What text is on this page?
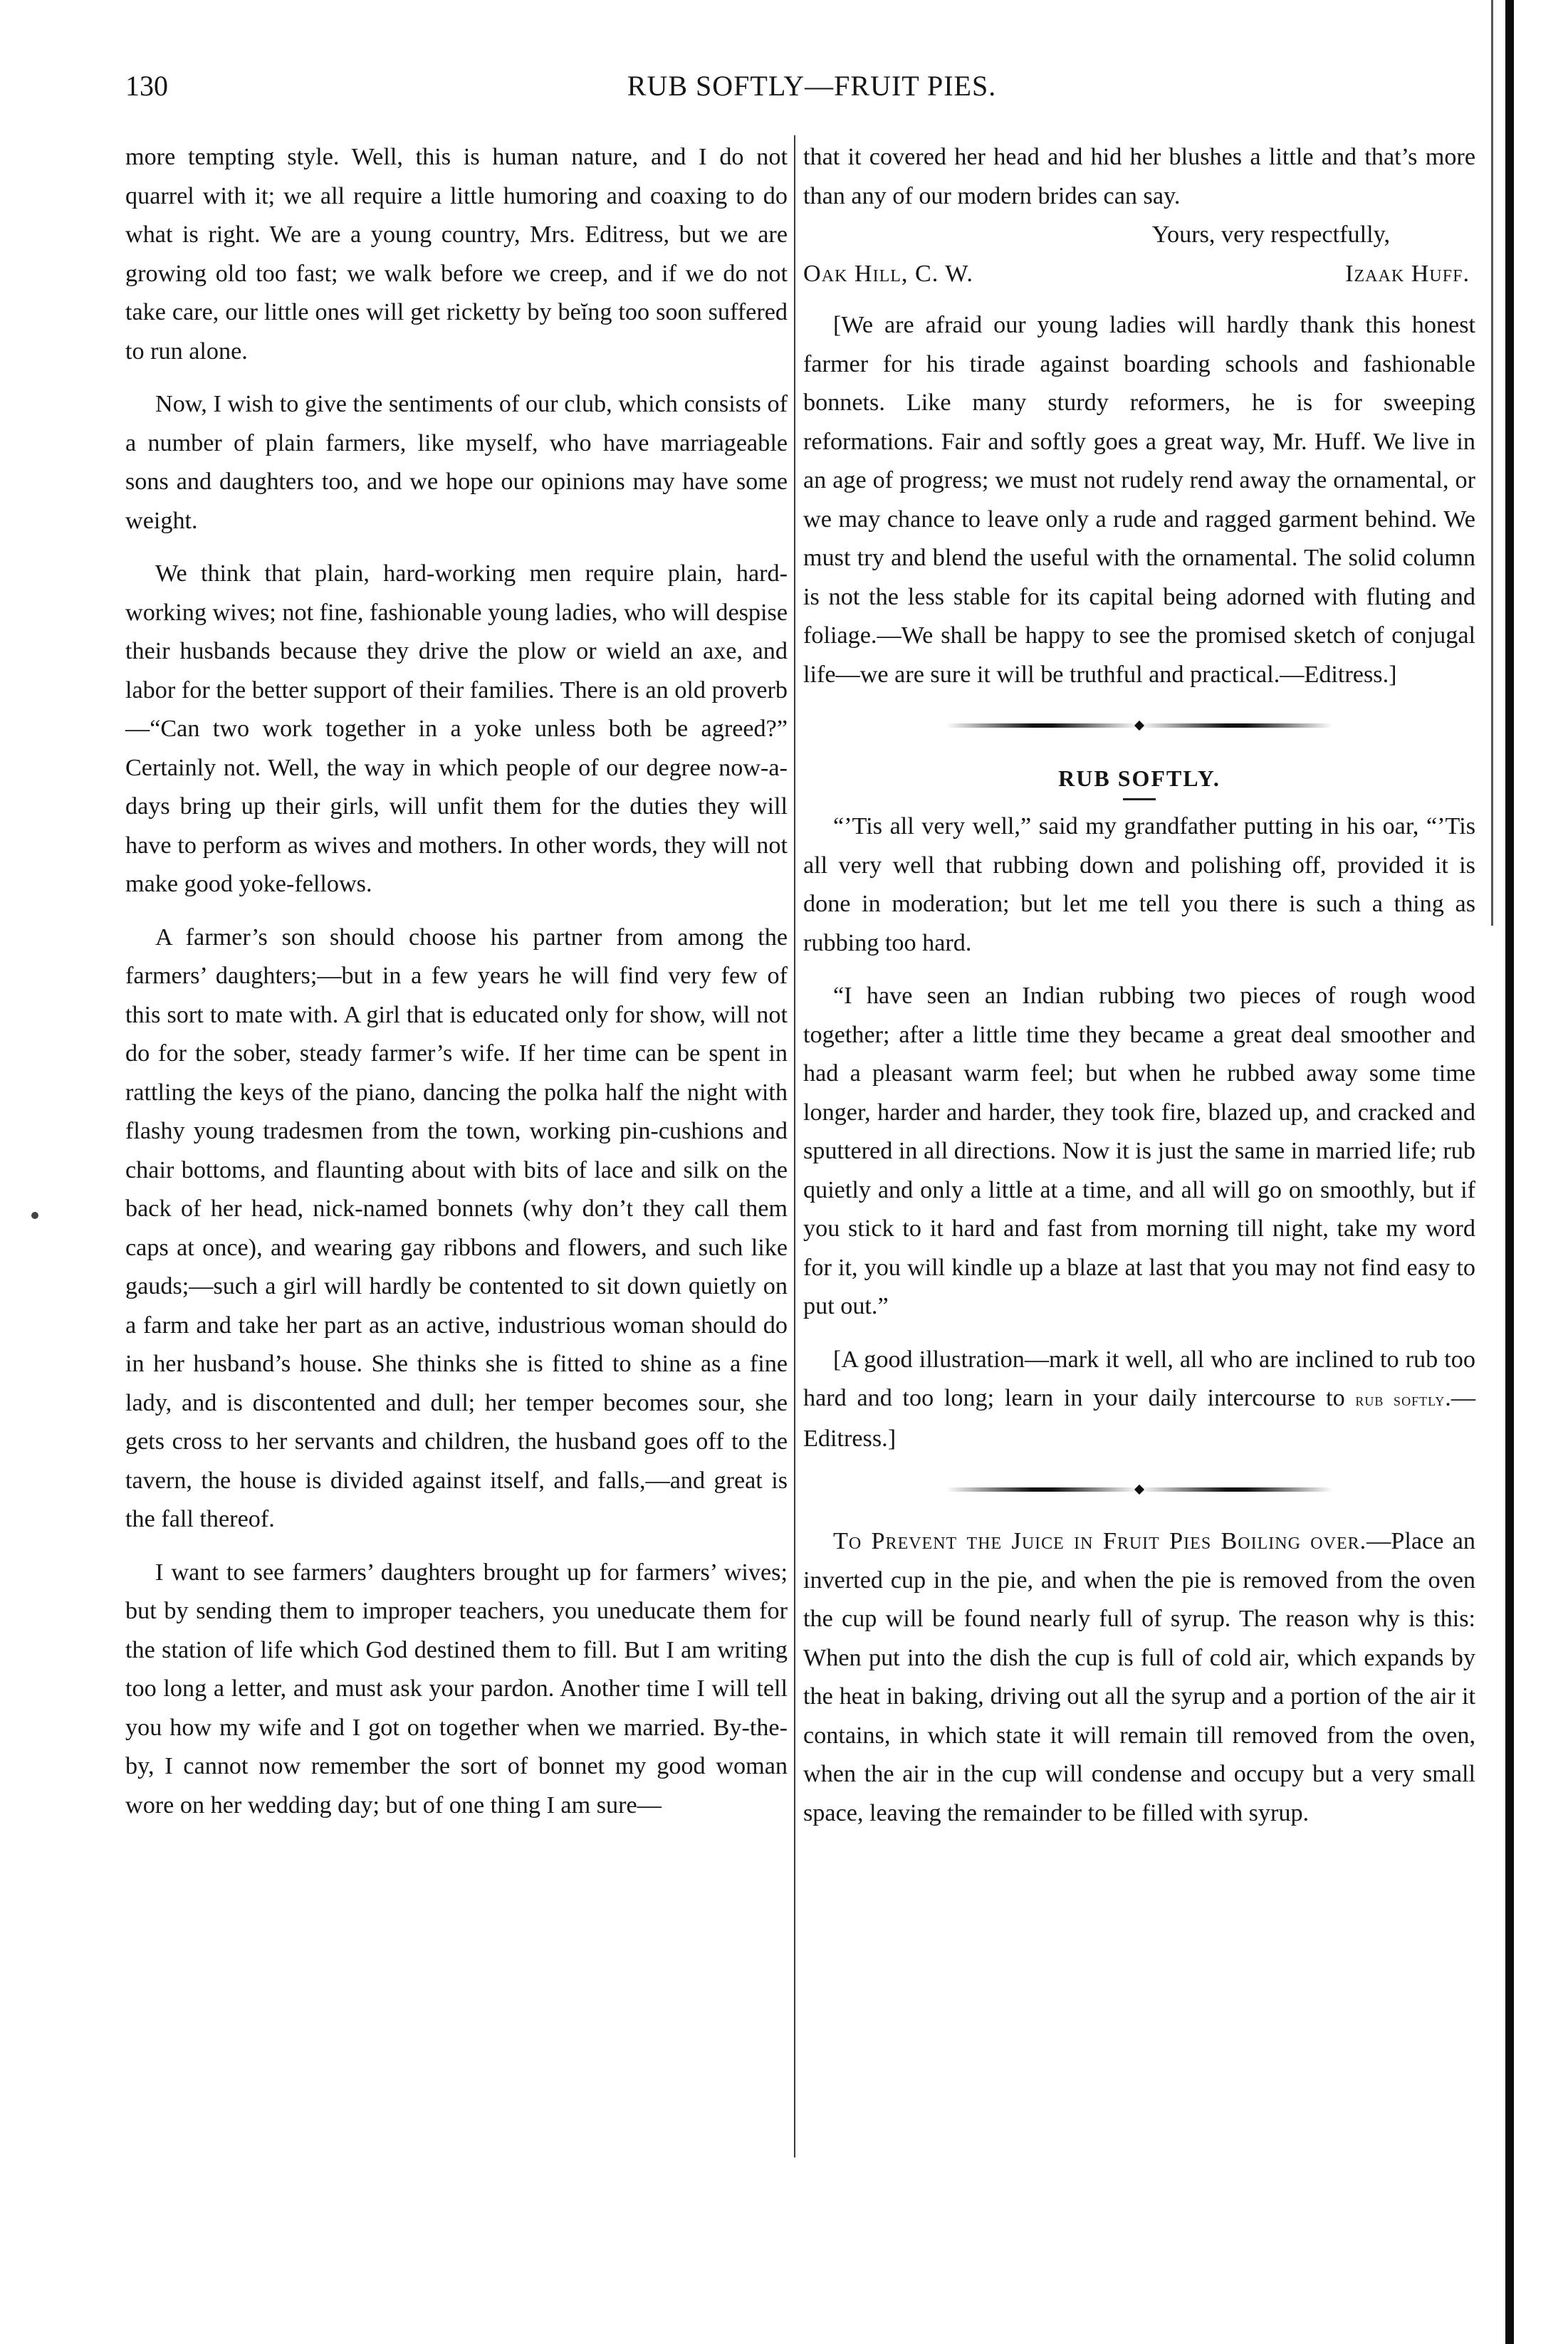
130	RUB SOFTLY—FRUIT PIES.

more tempting style. Well, this is human nature, and I do not quarrel with it; we all require a little humoring and coaxing to do what is right. We are a young country, Mrs. Editress, but we are growing old too fast; we walk before we creep, and if we do not take care, our little ones will get ricketty by beĭng too soon suffered to run alone.

Now, I wish to give the sentiments of our club, which consists of a number of plain farmers, like myself, who have marriageable sons and daughters too, and we hope our opinions may have some weight.

We think that plain, hard-working men require plain, hard-working wives; not fine, fashionable young ladies, who will despise their husbands because they drive the plow or wield an axe, and labor for the better support of their families. There is an old proverb—“Can two work together in a yoke unless both be agreed?” Certainly not. Well, the way in which people of our degree now-a-days bring up their girls, will unfit them for the duties they will have to perform as wives and mothers. In other words, they will not make good yoke-fellows.

A farmer’s son should choose his partner from among the farmers’ daughters;—but in a few years he will find very few of this sort to mate with. A girl that is educated only for show, will not do for the sober, steady farmer’s wife. If her time can be spent in rattling the keys of the piano, dancing the polka half the night with flashy young tradesmen from the town, working pin-cushions and chair bottoms, and flaunting about with bits of lace and silk on the back of her head, nick-named bonnets (why don’t they call them caps at once), and wearing gay ribbons and flowers, and such like gauds;—such a girl will hardly be contented to sit down quietly on a farm and take her part as an active, industrious woman should do in her husband’s house. She thinks she is fitted to shine as a fine lady, and is discontented and dull; her temper becomes sour, she gets cross to her servants and children, the husband goes off to the tavern, the house is divided against itself, and falls,—and great is the fall thereof.

I want to see farmers’ daughters brought up for farmers’ wives; but by sending them to improper teachers, you uneducate them for the station of life which God destined them to fill. But I am writing too long a letter, and must ask your pardon. Another time I will tell you how my wife and I got on together when we married. By-the-by, I cannot now remember the sort of bonnet my good woman wore on her wedding day; but of one thing I am sure—

that it covered her head and hid her blushes a little and that’s more than any of our modern brides can say.

Yours, very respectfully,

Oak Hill, C. W.	Izaak Huff.

[We are afraid our young ladies will hardly thank this honest farmer for his tirade against boarding schools and fashionable bonnets. Like many sturdy reformers, he is for sweeping reformations. Fair and softly goes a great way, Mr. Huff. We live in an age of progress; we must not rudely rend away the ornamental, or we may chance to leave only a rude and ragged garment behind. We must try and blend the useful with the ornamental. The solid column is not the less stable for its capital being adorned with fluting and foliage.—We shall be happy to see the promised sketch of conjugal life—we are sure it will be truthful and practical.—Editress.]

RUB SOFTLY.

“’Tis all very well,” said my grandfather putting in his oar, “’Tis all very well that rubbing down and polishing off, provided it is done in moderation; but let me tell you there is such a thing as rubbing too hard.

“I have seen an Indian rubbing two pieces of rough wood together; after a little time they became a great deal smoother and had a pleasant warm feel; but when he rubbed away some time longer, harder and harder, they took fire, blazed up, and cracked and sputtered in all directions. Now it is just the same in married life; rub quietly and only a little at a time, and all will go on smoothly, but if you stick to it hard and fast from morning till night, take my word for it, you will kindle up a blaze at last that you may not find easy to put out.”

[A good illustration—mark it well, all who are inclined to rub too hard and too long; learn in your daily intercourse to rub softly.—Editress.]

To Prevent the Juice in Fruit Pies Boiling over.—Place an inverted cup in the pie, and when the pie is removed from the oven the cup will be found nearly full of syrup. The reason why is this: When put into the dish the cup is full of cold air, which expands by the heat in baking, driving out all the syrup and a portion of the air it contains, in which state it will remain till removed from the oven, when the air in the cup will condense and occupy but a very small space, leaving the remainder to be filled with syrup.
